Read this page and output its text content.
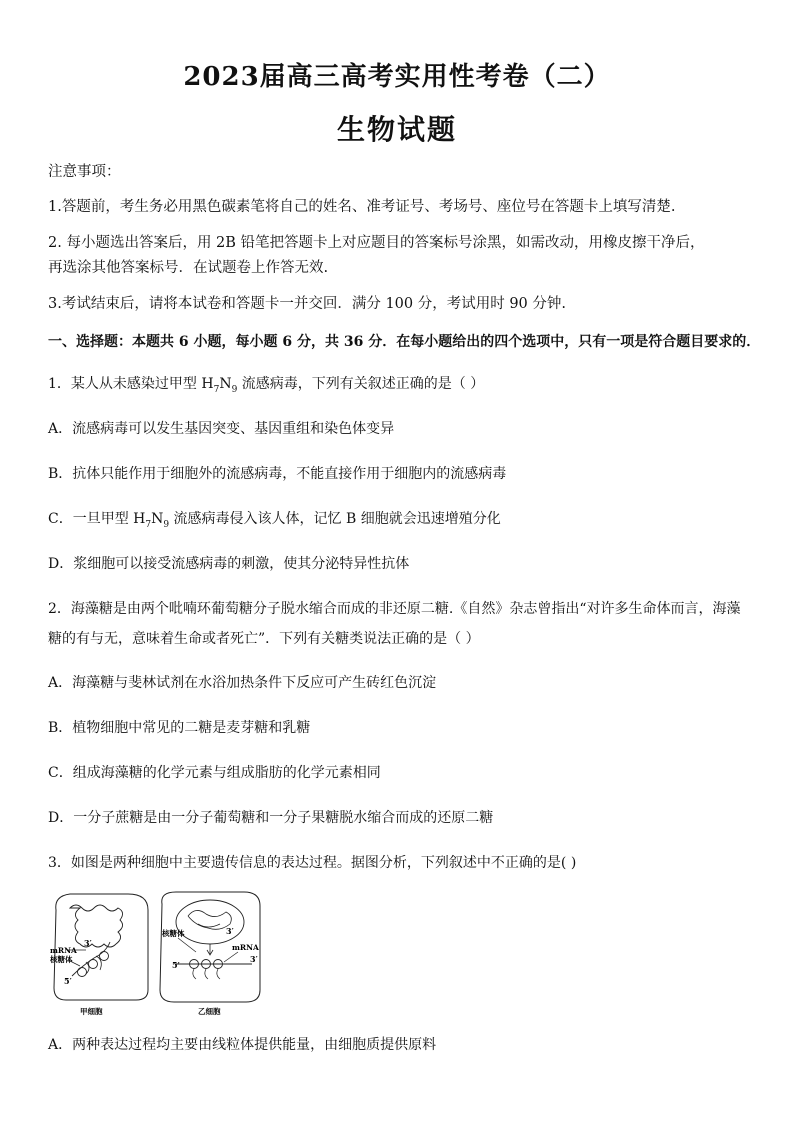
2023届高三高考实用性考卷（二）
生物试题
注意事项：
1.答题前，考生务必用黑色碳素笔将自己的姓名、准考证号、考场号、座位号在答题卡上填写清楚.
2. 每小题选出答案后，用 2B 铅笔把答题卡上对应题目的答案标号涂黑，如需改动，用橡皮擦干净后，
再选涂其他答案标号．在试题卷上作答无效.
3.考试结束后，请将本试卷和答题卡一并交回．满分 100 分，考试用时 90 分钟.
一、选择题：本题共 6 小题，每小题 6 分，共 36 分．在每小题给出的四个选项中，只有一项是符合题目要求的．
1．某人从未感染过甲型 $H_7N_9$ 流感病毒，下列有关叙述正确的是（ ）
A．流感病毒可以发生基因突变、基因重组和染色体变异
B．抗体只能作用于细胞外的流感病毒，不能直接作用于细胞内的流感病毒
C．一旦甲型 $H_7N_9$ 流感病毒侵入该人体，记忆 B 细胞就会迅速增殖分化
D．浆细胞可以接受流感病毒的刺激，使其分泌特异性抗体
2．海藻糖是由两个吡喃环葡萄糖分子脱水缩合而成的非还原二糖.《自然》杂志曾指出“对许多生命体而言，海藻
糖的有与无，意味着生命或者死亡”．下列有关糖类说法正确的是（ ）
A．海藻糖与斐林试剂在水浴加热条件下反应可产生砖红色沉淀
B．植物细胞中常见的二糖是麦芽糖和乳糖
C．组成海藻糖的化学元素与组成脂肪的化学元素相同
D．一分子蔗糖是由一分子葡萄糖和一分子果糖脱水缩合而成的还原二糖
3．如图是两种细胞中主要遗传信息的表达过程。据图分析，下列叙述中不正确的是( )
3′
mRNA
核糖体
5′
甲细胞
核糖体	3′
mRNA
5′
3′
乙细胞
A．两种表达过程均主要由线粒体提供能量，由细胞质提供原料
